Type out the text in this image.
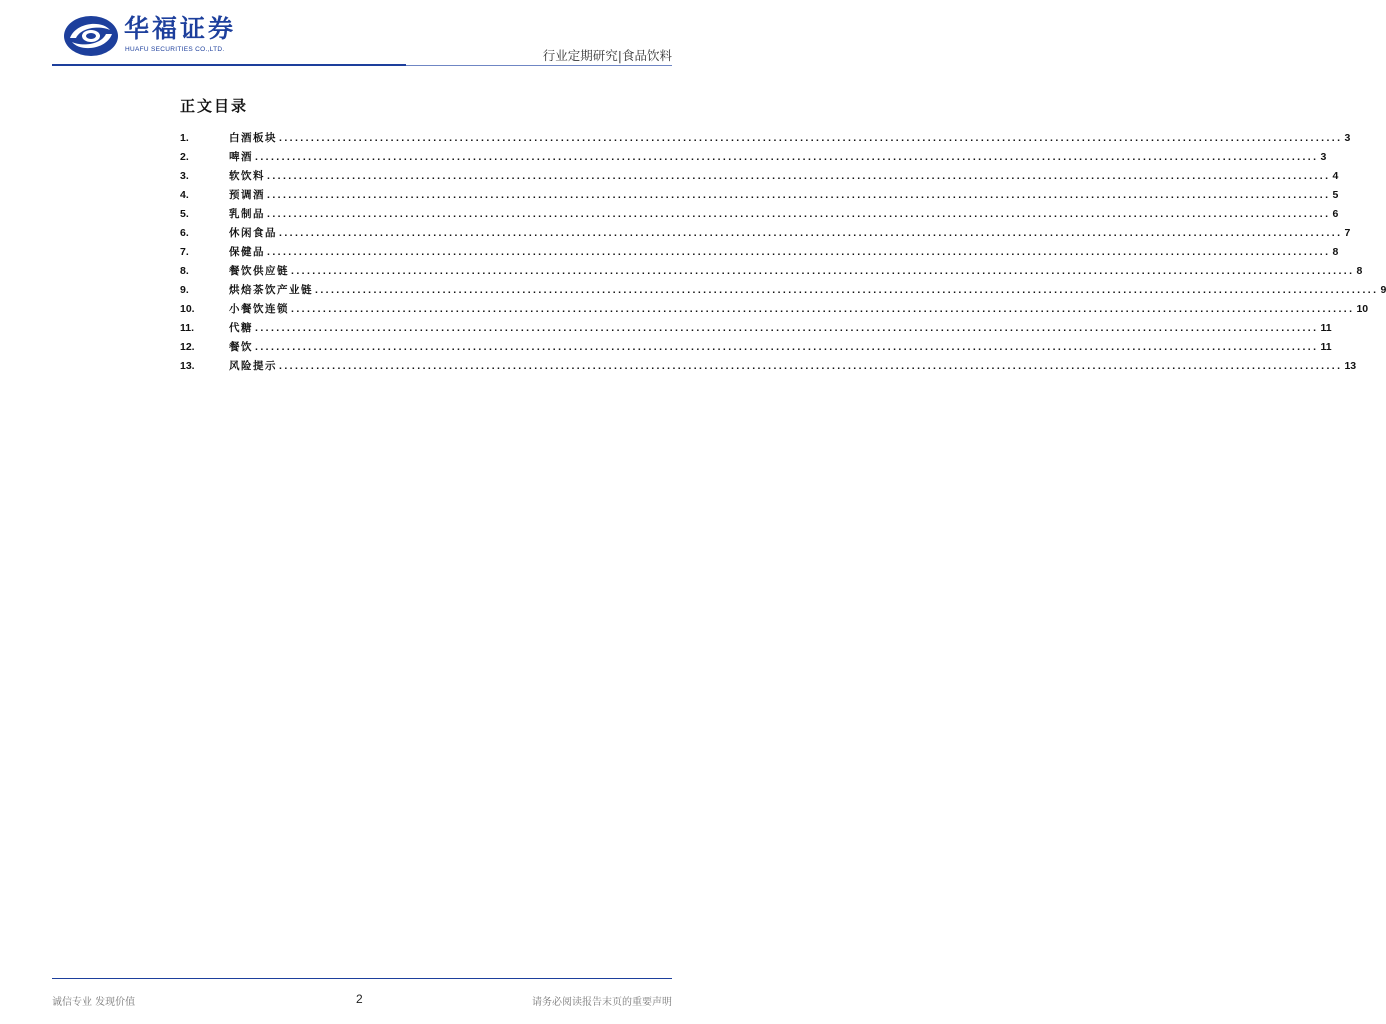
华福证券
HUAFU SECURITIES CO.,LTD.	行业定期研究|食品饮料
正文目录
1.	白酒板块 ........................................................................................................................................................................................................ 3
2.	啤酒 ........................................................................................................................................................................................................ 3
3.	软饮料 ........................................................................................................................................................................................................ 4
4.	预调酒 ........................................................................................................................................................................................................ 5
5.	乳制品 ........................................................................................................................................................................................................ 6
6.	休闲食品 ........................................................................................................................................................................................................ 7
7.	保健品 ........................................................................................................................................................................................................ 8
8.	餐饮供应链 ........................................................................................................................................................................................................ 8
9.	烘焙茶饮产业链 ........................................................................................................................................................................................................ 9
10.	小餐饮连锁 ........................................................................................................................................................................................................ 10
11.	代糖 ........................................................................................................................................................................................................ 11
12.	餐饮 ........................................................................................................................................................................................................ 11
13.	风险提示 ........................................................................................................................................................................................................ 13
诚信专业 发现价值	2	请务必阅读报告末页的重要声明
